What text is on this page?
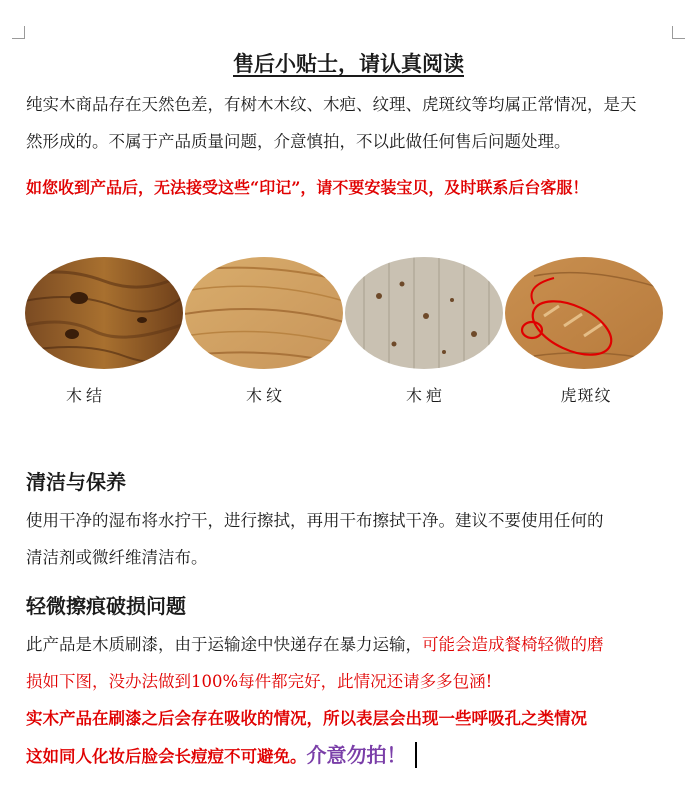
售后小贴士，请认真阅读
纯实木商品存在天然色差，有树木木纹、木疤、纹理、虎斑纹等均属正常情况，是天
然形成的。不属于产品质量问题，介意慎拍，不以此做任何售后问题处理。
如您收到产品后，无法接受这些“印记”，请不要安装宝贝，及时联系后台客服！
木结	木纹	木疤	虎斑纹
清洁与保养
使用干净的湿布将水拧干，进行擦拭，再用干布擦拭干净。建议不要使用任何的
清洁剂或微纤维清洁布。
轻微擦痕破损问题
此产品是木质刷漆，由于运输途中快递存在暴力运输，可能会造成餐椅轻微的磨
损如下图，没办法做到100%每件都完好，此情况还请多多包涵!
实木产品在刷漆之后会存在吸收的情况，所以表层会出现一些呼吸孔之类情况
这如同人化妆后脸会长痘痘不可避免。介意勿拍！
